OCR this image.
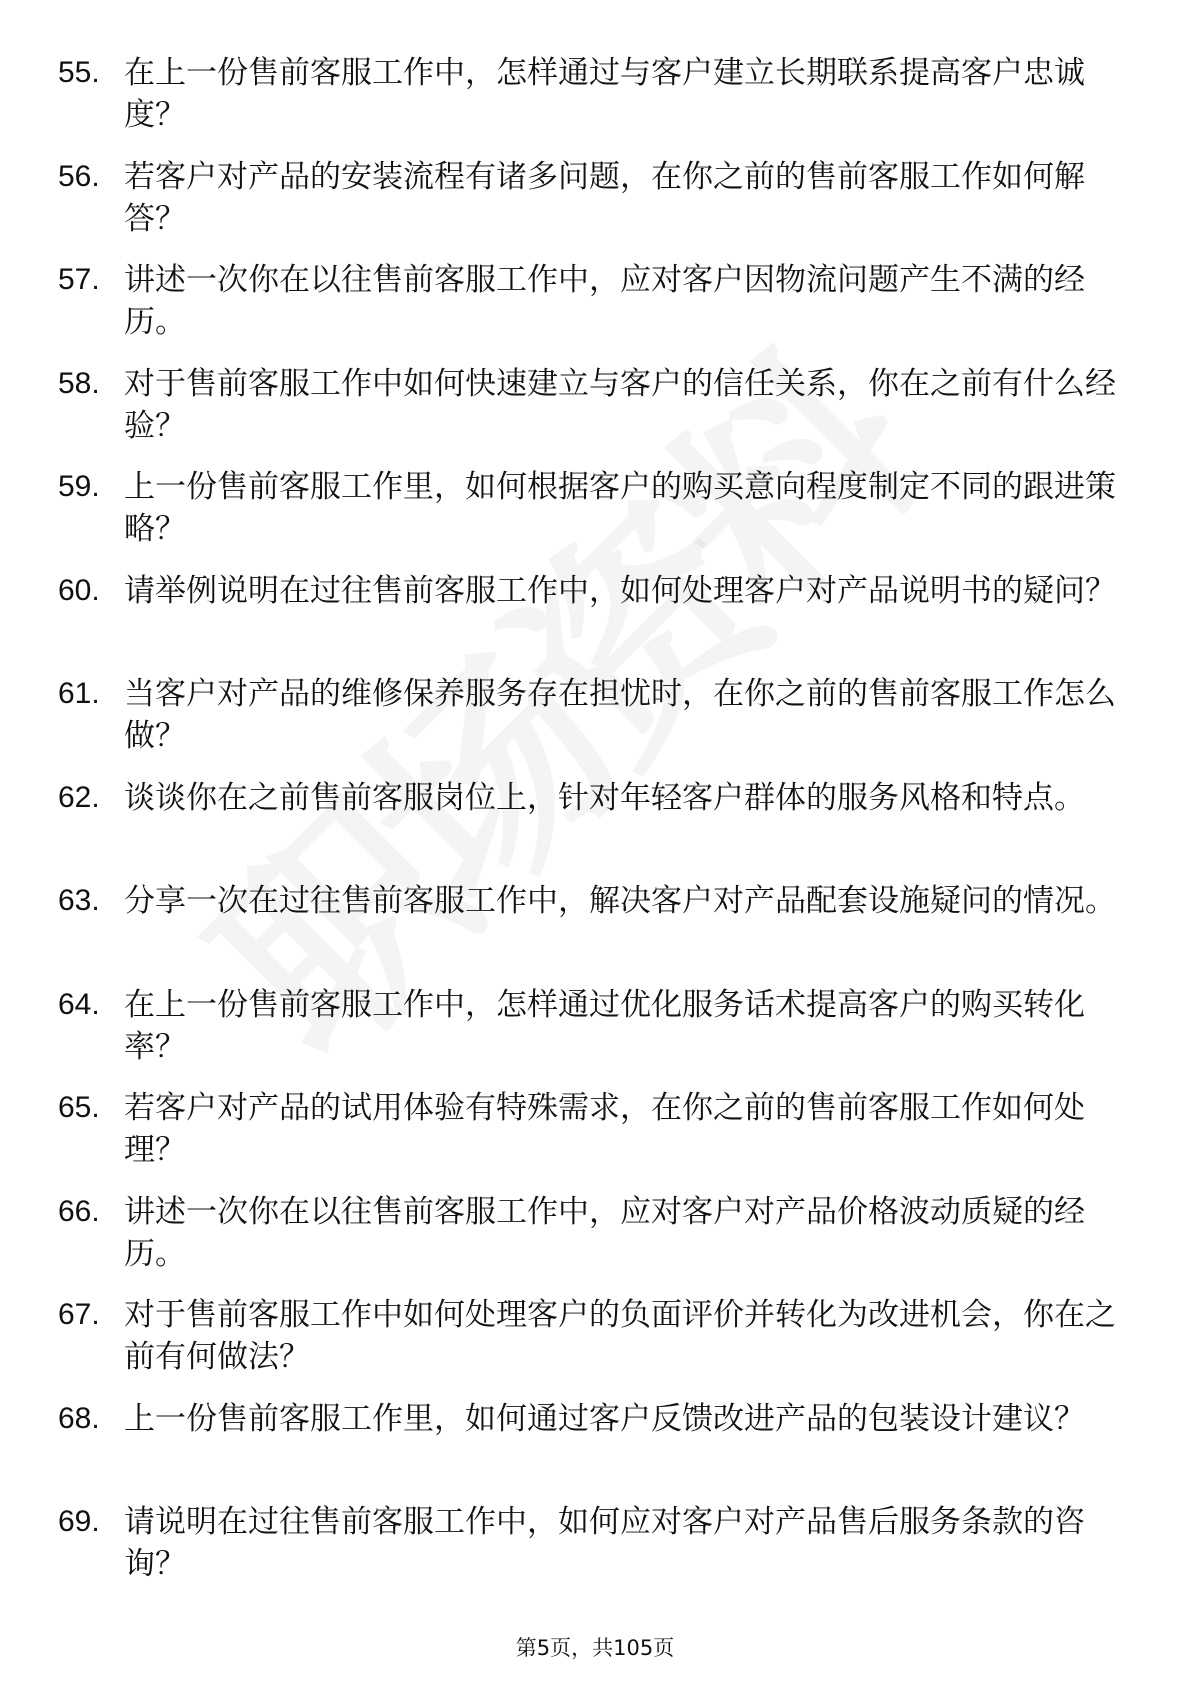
55. 在上一份售前客服工作中，怎样通过与客户建立长期联系提高客户忠诚度？
56. 若客户对产品的安装流程有诸多问题，在你之前的售前客服工作如何解答？
57. 讲述一次你在以往售前客服工作中，应对客户因物流问题产生不满的经历。
58. 对于售前客服工作中如何快速建立与客户的信任关系，你在之前有什么经验？
59. 上一份售前客服工作里，如何根据客户的购买意向程度制定不同的跟进策略？
60. 请举例说明在过往售前客服工作中，如何处理客户对产品说明书的疑问？
61. 当客户对产品的维修保养服务存在担忧时，在你之前的售前客服工作怎么做？
62. 谈谈你在之前售前客服岗位上，针对年轻客户群体的服务风格和特点。
63. 分享一次在过往售前客服工作中，解决客户对产品配套设施疑问的情况。
64. 在上一份售前客服工作中，怎样通过优化服务话术提高客户的购买转化率？
65. 若客户对产品的试用体验有特殊需求，在你之前的售前客服工作如何处理？
66. 讲述一次你在以往售前客服工作中，应对客户对产品价格波动质疑的经历。
67. 对于售前客服工作中如何处理客户的负面评价并转化为改进机会，你在之前有何做法？
68. 上一份售前客服工作里，如何通过客户反馈改进产品的包装设计建议？
69. 请说明在过往售前客服工作中，如何应对客户对产品售后服务条款的咨询？
第5页，共105页
